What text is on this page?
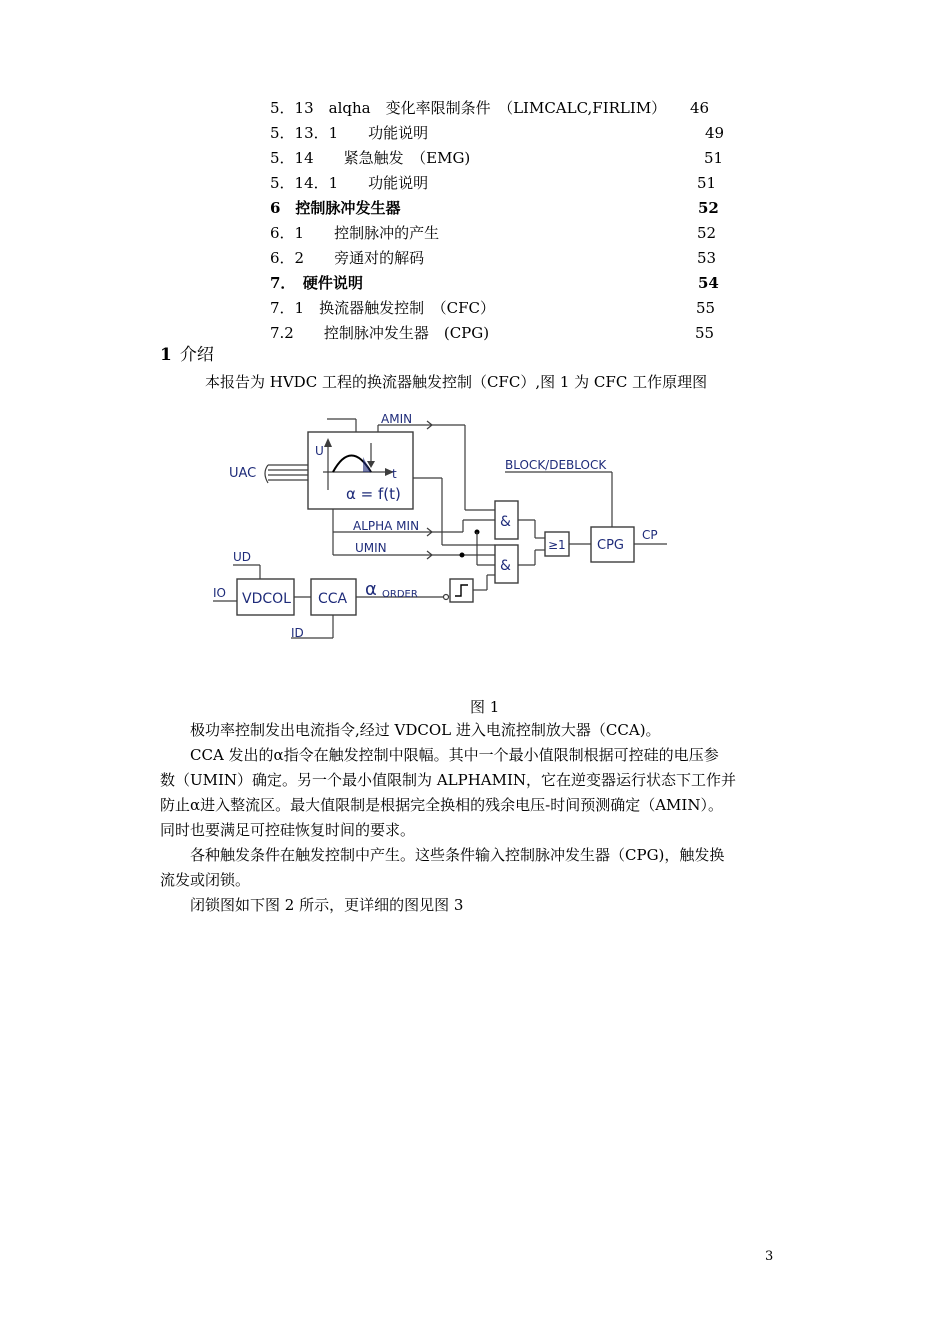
5．13　alqha　变化率限制条件　（LIMCALC,FIRLIM） 46
5．13．1　　功能说明	49
5．14　　紧急触发　（EMG)	51
5．14．1　　功能说明	51
6　控制脉冲发生器	52
6．1　　控制脉冲的产生	52
6．2　　旁通对的解码	53
7．　硬件说明	54
7．1　换流器触发控制　（CFC）	55
7.2　　控制脉冲发生器　(CPG)	55
1 介绍
本报告为 HVDC 工程的换流器触发控制（CFC）,图 1 为 CFC 工作原理图
UAC
U
t
α = f(t)
AMIN
ALPHA MIN
UMIN
&
&
≥1 CPG
CP
BLOCK/DEBLOCK
UD
IO VDCOL CCA
ID
α ORDER
图 1
　　极功率控制发出电流指令,经过 VDCOL 进入电流控制放大器（CCA)。
　　CCA 发出的α指令在触发控制中限幅。其中一个最小值限制根据可控硅的电压参
数（UMIN）确定。另一个最小值限制为 ALPHAMIN，它在逆变器运行状态下工作并
防止α进入整流区。最大值限制是根据完全换相的残余电压-时间预测确定（AMIN）。
同时也要满足可控硅恢复时间的要求。
　　各种触发条件在触发控制中产生。这些条件输入控制脉冲发生器（CPG)，触发换
流发或闭锁。
　　闭锁图如下图 2 所示，更详细的图见图 3
3
